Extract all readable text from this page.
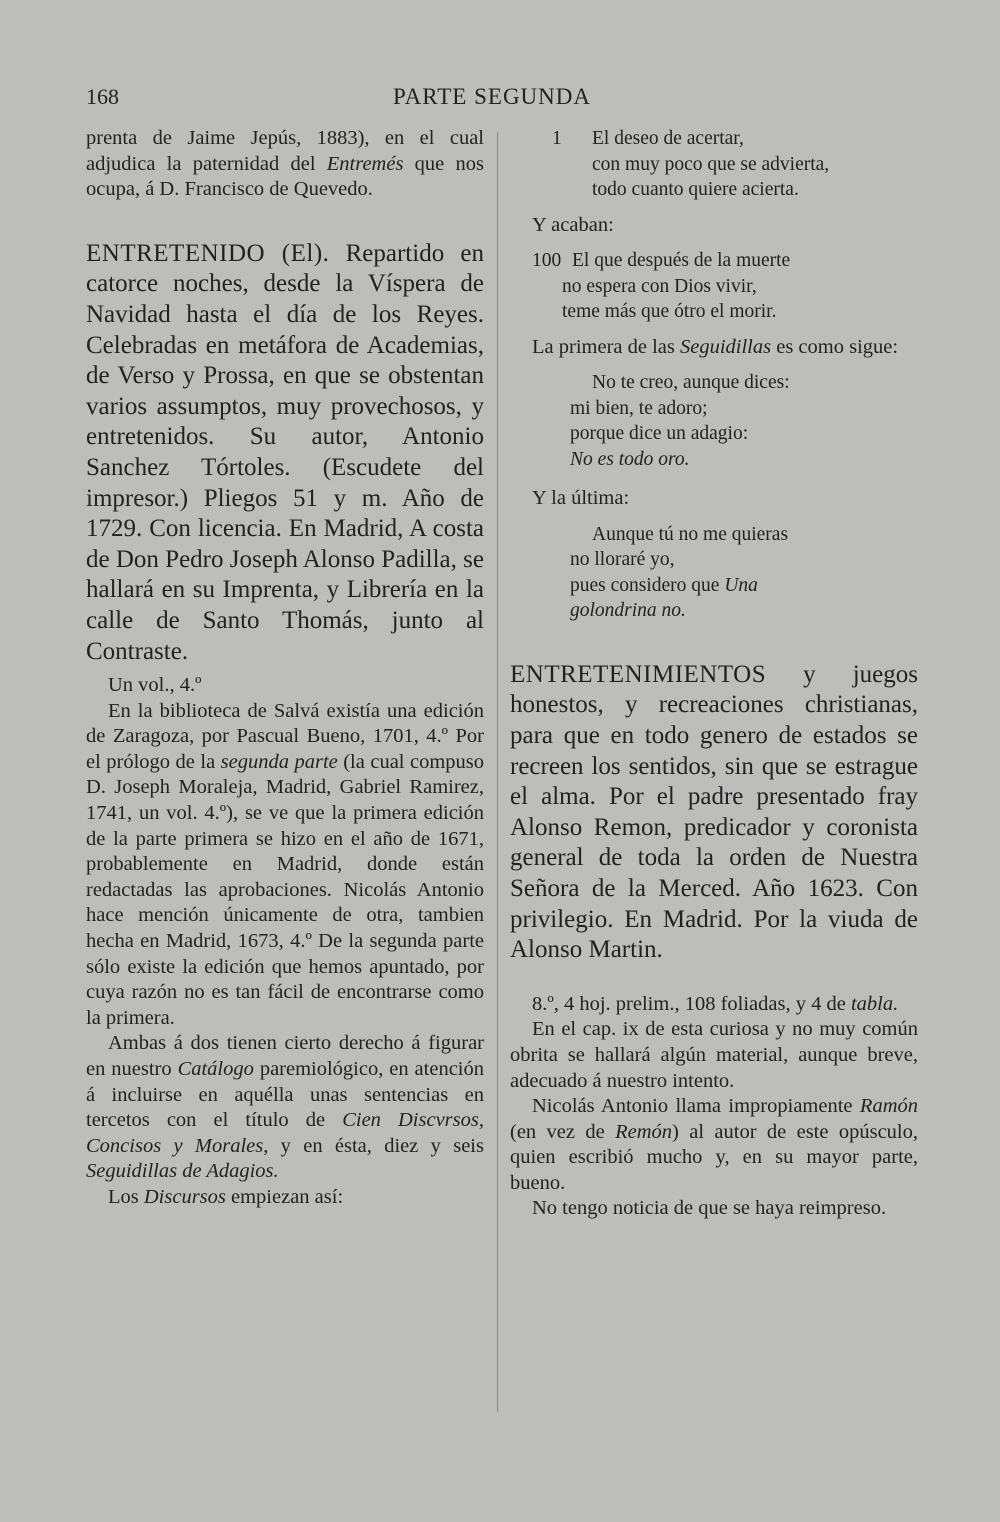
168	PARTE SEGUNDA

prenta de Jaime Jepús, 1883), en el cual adjudica la paternidad del Entremés que nos ocupa, á D. Francisco de Quevedo.

ENTRETENIDO (El). Repartido en catorce noches, desde la Víspera de Navidad hasta el día de los Reyes. Celebradas en metáfora de Academias, de Verso y Prossa, en que se obstentan varios assumptos, muy provechosos, y entretenidos. Su autor, Antonio Sanchez Tórtoles. (Escudete del impresor.) Pliegos 51 y m. Año de 1729. Con licencia. En Madrid, A costa de Don Pedro Joseph Alonso Padilla, se hallará en su Imprenta, y Librería en la calle de Santo Thomás, junto al Contraste.

Un vol., 4.º

En la biblioteca de Salvá existía una edición de Zaragoza, por Pascual Bueno, 1701, 4.º Por el prólogo de la segunda parte (la cual compuso D. Joseph Moraleja, Madrid, Gabriel Ramirez, 1741, un vol. 4.º), se ve que la primera edición de la parte primera se hizo en el año de 1671, probablemente en Madrid, donde están redactadas las aprobaciones. Nicolás Antonio hace mención únicamente de otra, tambien hecha en Madrid, 1673, 4.º De la segunda parte sólo existe la edición que hemos apuntado, por cuya razón no es tan fácil de encontrarse como la primera.

Ambas á dos tienen cierto derecho á figurar en nuestro Catálogo paremiológico, en atención á incluirse en aquélla unas sentencias en tercetos con el título de Cien Discvrsos, Concisos y Morales, y en ésta, diez y seis Seguidillas de Adagios.

Los Discursos empiezan así:

1 El deseo de acertar,
con muy poco que se advierta,
todo cuanto quiere acierta.

Y acaban:

100 El que después de la muerte
no espera con Dios vivir,
teme más que ótro el morir.

La primera de las Seguidillas es como sigue:

No te creo, aunque dices:
mi bien, te adoro;
porque dice un adagio:
No es todo oro.

Y la última:

Aunque tú no me quieras
no lloraré yo,
pues considero que Una
golondrina no.

ENTRETENIMIENTOS y juegos honestos, y recreaciones christianas, para que en todo genero de estados se recreen los sentidos, sin que se estrague el alma. Por el padre presentado fray Alonso Remon, predicador y coronista general de toda la orden de Nuestra Señora de la Merced. Año 1623. Con privilegio. En Madrid. Por la viuda de Alonso Martin.

8.º, 4 hoj. prelim., 108 foliadas, y 4 de tabla.

En el cap. ix de esta curiosa y no muy común obrita se hallará algún material, aunque breve, adecuado á nuestro intento.

Nicolás Antonio llama impropiamente Ramón (en vez de Remón) al autor de este opúsculo, quien escribió mucho y, en su mayor parte, bueno.

No tengo noticia de que se haya reimpreso.
